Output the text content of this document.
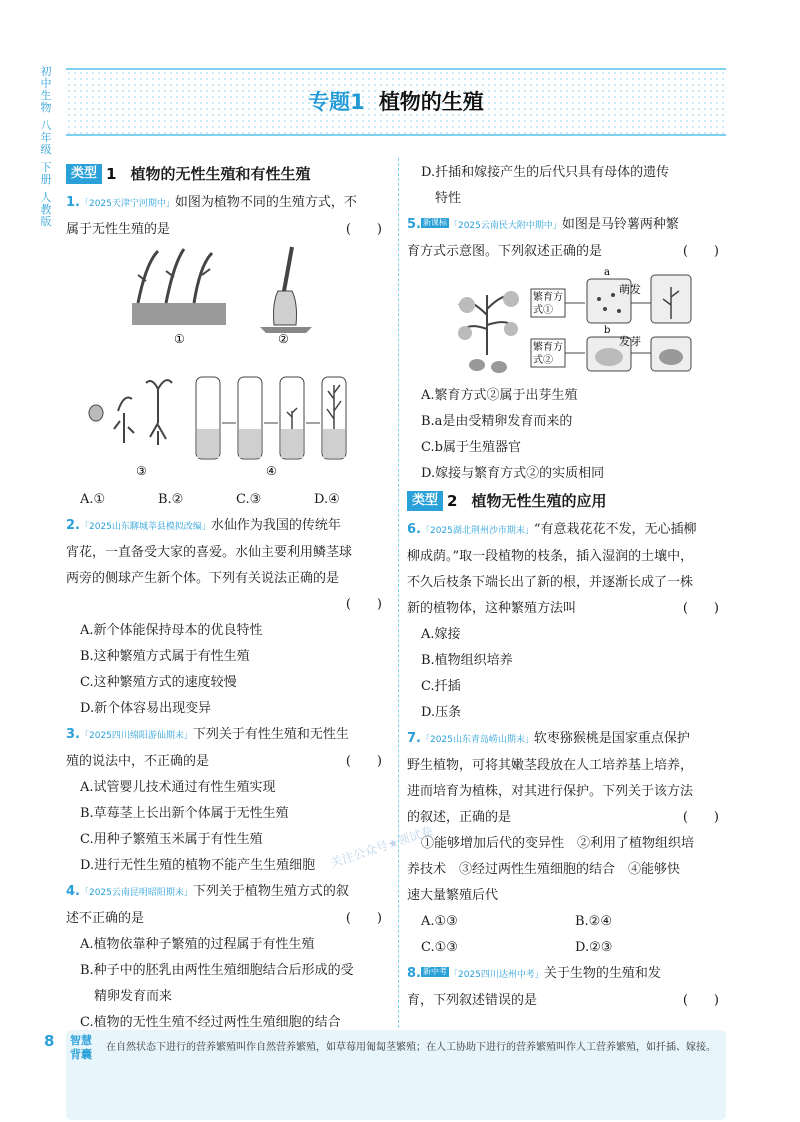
初中生物
八年级
下册
人教版
专题1 植物的生殖
类型 1 植物的无性生殖和有性生殖
1.「2025天津宁河期中」如图为植物不同的生殖方式，不
属于无性生殖的是	(　　)
①	②
③	④
A.①	B.②	C.③	D.④
2.「2025山东聊城莘县模拟改编」水仙作为我国的传统年
宵花，一直备受大家的喜爱。水仙主要利用鳞茎球
两旁的侧球产生新个体。下列有关说法正确的是
(　　)
A.新个体能保持母本的优良特性
B.这种繁殖方式属于有性生殖
C.这种繁殖方式的速度较慢
D.新个体容易出现变异
3.「2025四川绵阳游仙期末」下列关于有性生殖和无性生
殖的说法中，不正确的是	(　　)
A.试管婴儿技术通过有性生殖实现
B.草莓茎上长出新个体属于无性生殖
C.用种子繁殖玉米属于有性生殖
D.进行无性生殖的植物不能产生生殖细胞
4.「2025云南昆明昭阳期末」下列关于植物生殖方式的叙
述不正确的是	(　　)
A.植物依靠种子繁殖的过程属于有性生殖
B.种子中的胚乳由两性生殖细胞结合后形成的受
精卵发育而来
C.植物的无性生殖不经过两性生殖细胞的结合
D.扦插和嫁接产生的后代只具有母体的遗传
特性
5. 新课标 「2025云南民大附中期中」如图是马铃薯两种繁
育方式示意图。下列叙述正确的是	(　　)
繁育方
式①
繁育方
式②
a
b
萌发
发芽
A.繁育方式②属于出芽生殖
B.a是由受精卵发育而来的
C.b属于生殖器官
D.嫁接与繁育方式②的实质相同
类型 2 植物无性生殖的应用
6.「2025湖北荆州沙市期末」“有意栽花花不发，无心插柳
柳成荫。”取一段植物的枝条，插入湿润的土壤中，
不久后枝条下端长出了新的根，并逐渐长成了一株
新的植物体，这种繁殖方法叫	(　　)
A.嫁接
B.植物组织培养
C.扦插
D.压条
7.「2025山东青岛崂山期末」软枣猕猴桃是国家重点保护
野生植物，可将其嫩茎段放在人工培养基上培养，
进而培育为植株，对其进行保护。下列关于该方法
的叙述，正确的是	(　　)
①能够增加后代的变异性　②利用了植物组织培
养技术　③经过两性生殖细胞的结合　④能够快
速大量繁殖后代
A.①③	B.②④
C.①③	D.②③
8. 新中考 「2025四川达州中考」关于生物的生殖和发
育，下列叙述错误的是	(　　)
关注公众号★领试卷
8	智慧背囊
在自然状态下进行的营养繁殖叫作自然营养繁殖，如草莓用匍匐茎繁殖；在人工协助下进行的营养繁殖叫作人工营养繁殖，如扦插、嫁接。
